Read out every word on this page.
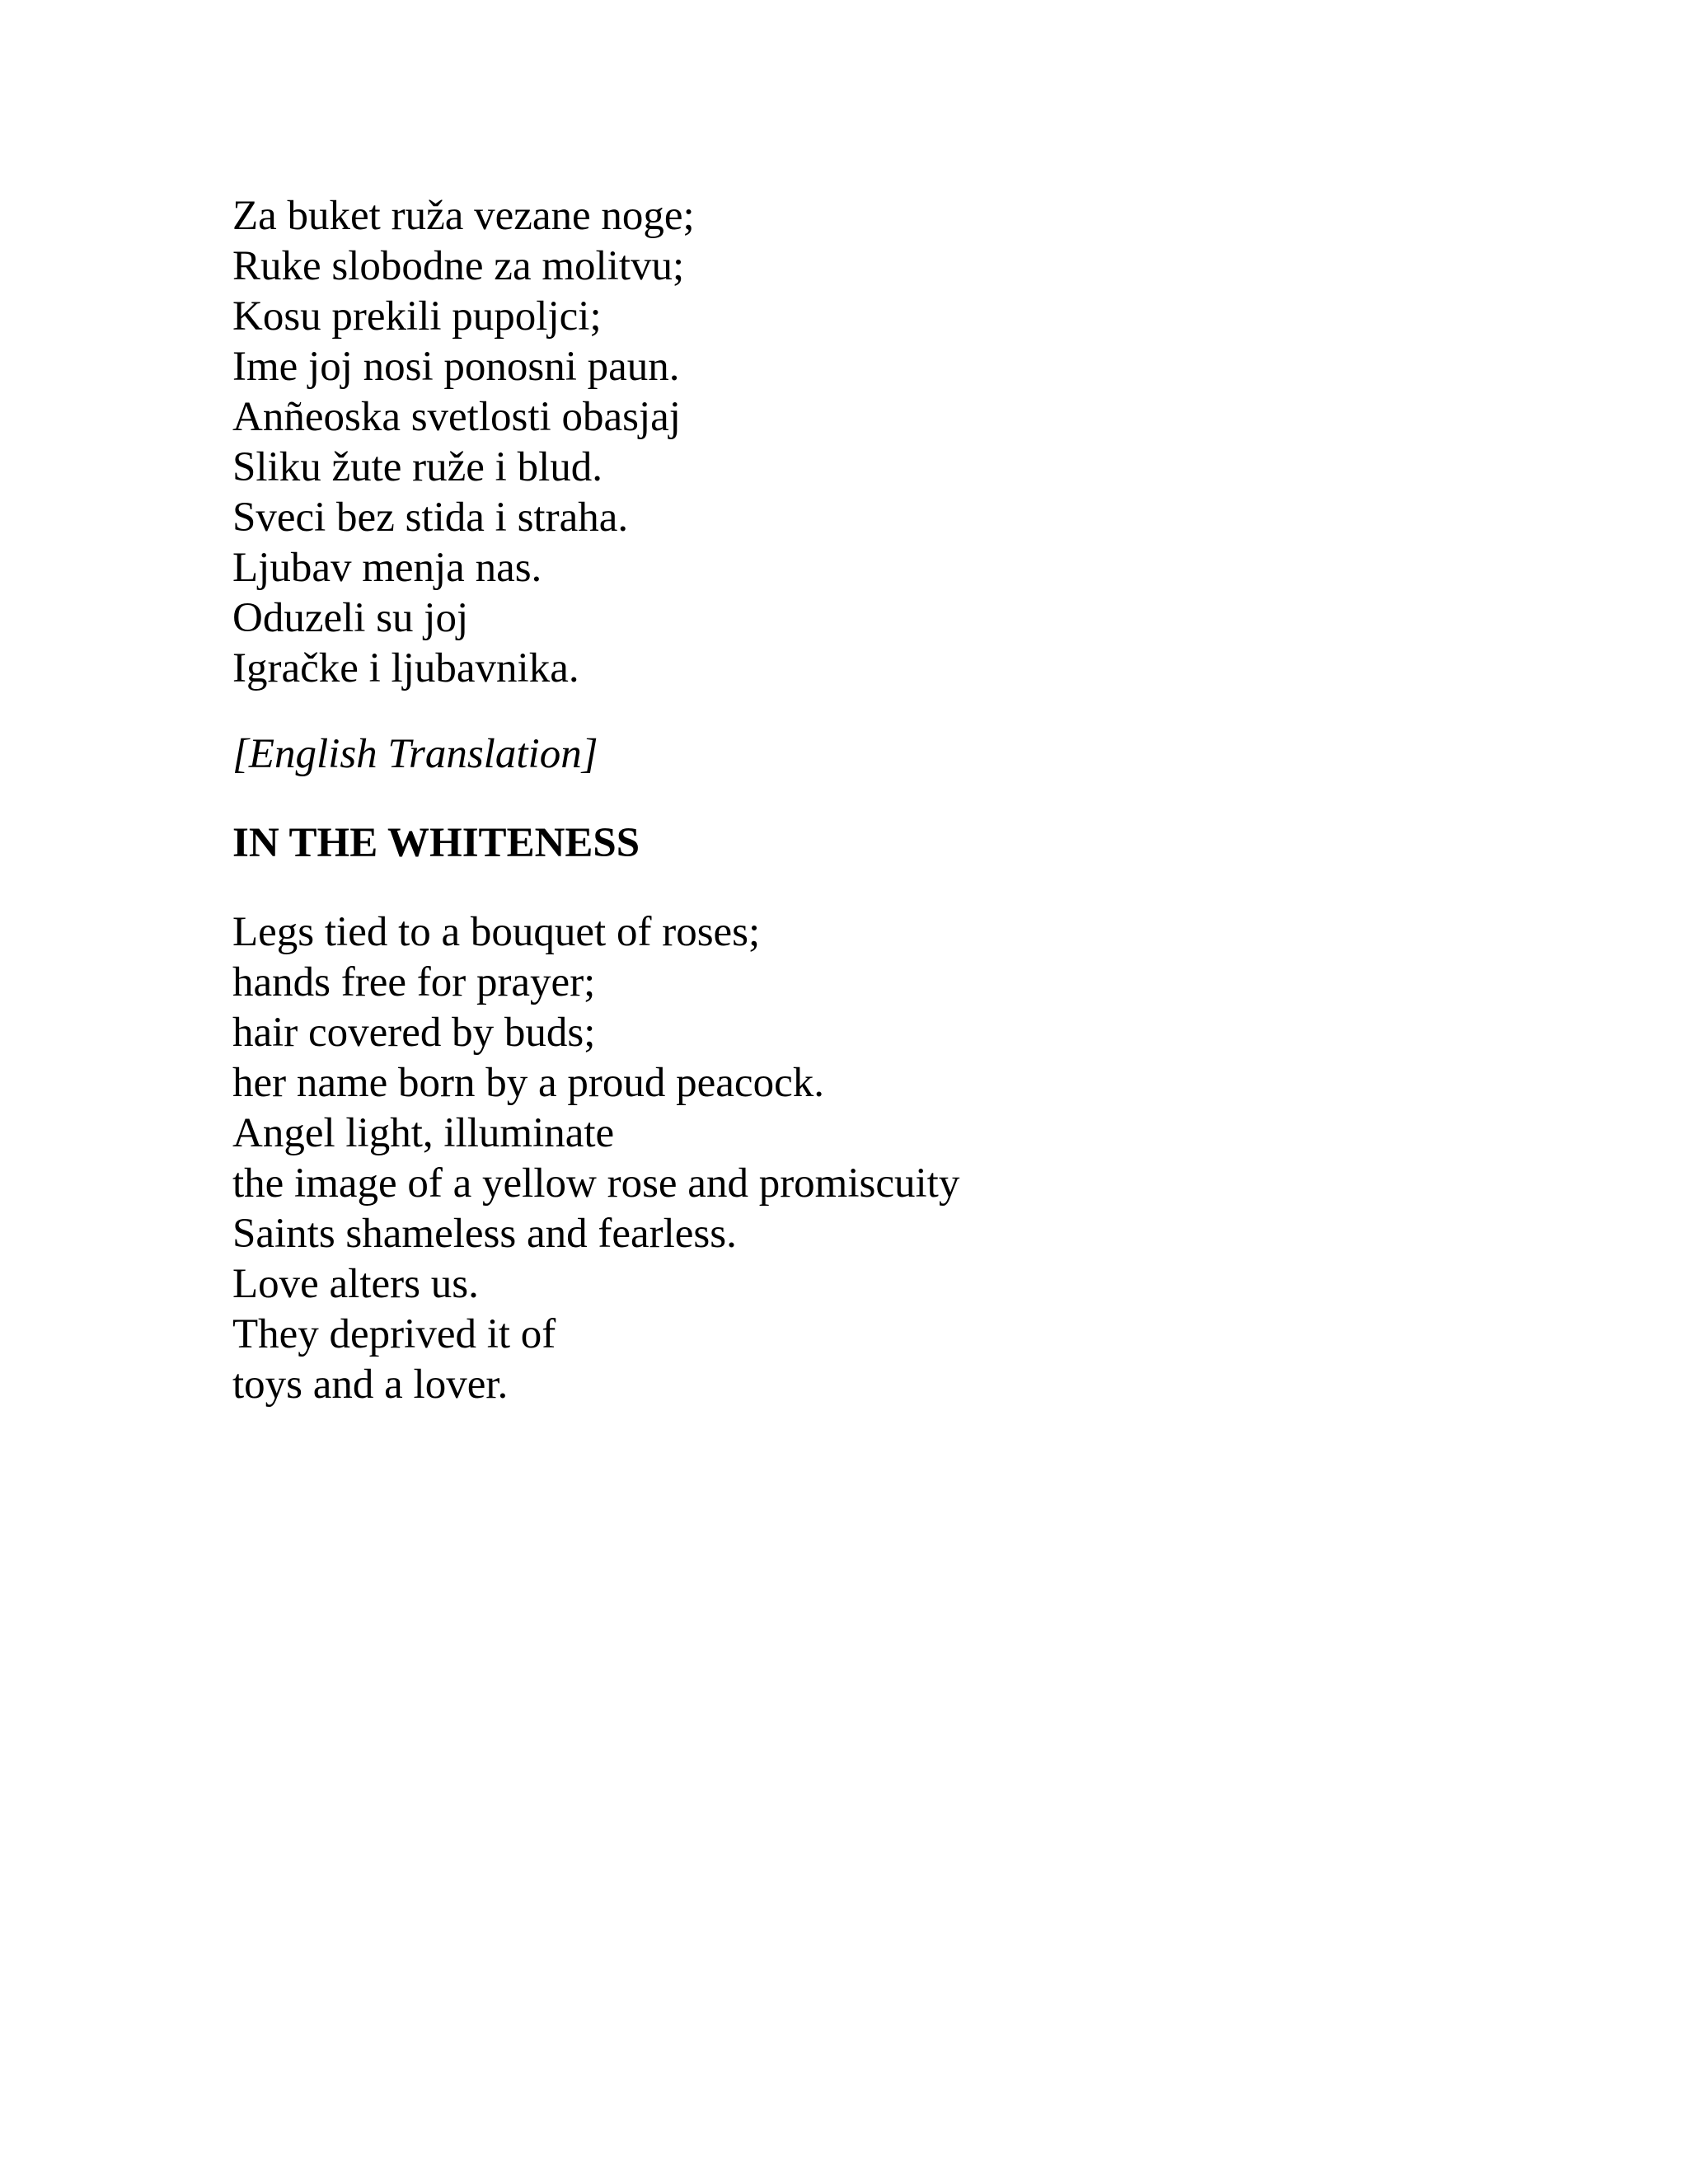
Za buket ruža vezane noge;
Ruke slobodne za molitvu;
Kosu prekili pupoljci;
Ime joj nosi ponosni paun.
Anñeoska svetlosti obasjaj
Sliku žute ruže i blud.
Sveci bez stida i straha.
Ljubav menja nas.
Oduzeli su joj
Igračke i ljubavnika.
[English Translation]
IN THE WHITENESS
Legs tied to a bouquet of roses;
hands free for prayer;
hair covered by buds;
her name born by a proud peacock.
Angel light, illuminate
the image of a yellow rose and promiscuity
Saints shameless and fearless.
Love alters us.
They deprived it of
toys and a lover.
